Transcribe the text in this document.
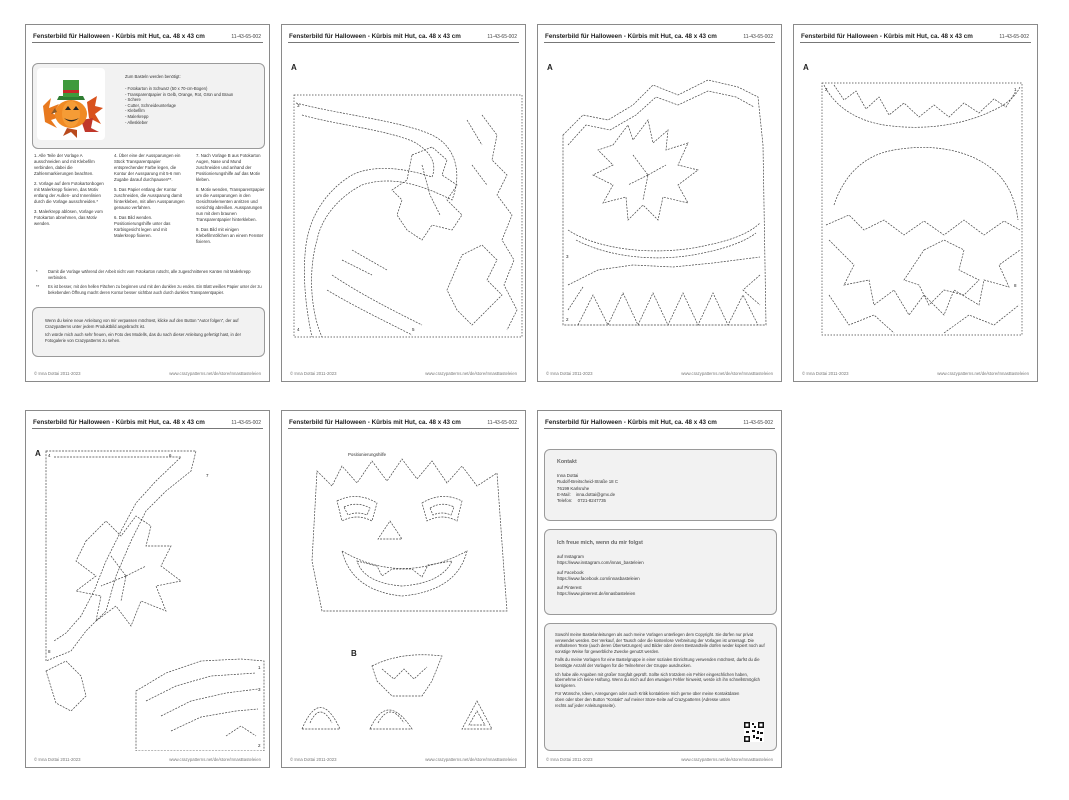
Fensterbild für Halloween - Kürbis mit Hut, ca. 48 x 43 cm	11-43-65-002
Zum Basteln werden benötigt:
- Fotokarton in Schwarz (50 x 70-cm-Bogen)
- Transparentpapier in Gelb, Orange, Rot, Grün und Braun
- Schere
- Cutter, Schneideunterlage
- Klebefilm
- Malerkrepp
- Alleskleber

1. Alle Teile der Vorlage A ausschneiden und mit Klebefilm verbinden, dabei die Zahlenmarkierungen beachten.

2. Vorlage auf dem Fotokartonbogen mit Malerkrepp fixieren, das Motiv entlang der Außen- und Innenlinien durch die Vorlage ausschneiden.*

3. Malerkrepp ablösen, Vorlage vom Fotokarton abnehmen, das Motiv wenden.

4. Über eine der Aussparungen ein Stück Transparentpapier entsprechender Farbe legen, die Kontur der Aussparung mit 5-6 mm Zugabe darauf durchpausen**.

5. Das Papier entlang der Kontur zuschneiden, die Aussparung damit hinterkleben, mit allen Aussparungen genauso verfahren.

6. Das Bild wenden. Positionierungshilfe unter das Kürbisgesicht legen und mit Malerkrepp fixieren.

7. Nach Vorlage B aus Fotokarton Augen, Nase und Mund zuschneiden und anhand der Positionierungshilfe auf das Motiv kleben.

8. Motiv wenden, Transparentpapier um die Aussparungen in den Gesichtselementen anritzen und vorsichtig abreißen. Aussparungen nun mit dem braunen Transparentpapier hinterkleben.

9. Das Bild mit einigen Klebefilmröllchen an einem Fenster fixieren.

*	Damit die Vorlage während der Arbeit nicht vom Fotokarton rutscht, alle zugeschnittenen Kanten mit Malerkrepp verbinden.
** Es ist besser, mit den hellen Flächen zu beginnen und mit den dunklen zu enden. Ein Blatt weißes Papier unter der zu bekebenden Öffnung macht deren Kontur besser sichtbar auch durch dunkles Transparentpapier.
Wenn du keine neue Anleitung von mir verpassen möchtest, klicke auf den Button "Autor folgen", der auf Crazypatterns unter jedem Produktbild angebracht ist.
Ich würde mich auch sehr freuen, ein Foto des Modells, das du nach dieser Anleitung gefertigt hast, in der Fotogalerie von Crazypatterns zu sehen.
© Inna Dottai 2011-2023	www.crazypatterns.net/de/store/InnasBasteleien
Fensterbild für Halloween - Kürbis mit Hut, ca. 48 x 43 cm	11-43-65-002
A
3
4	5
© Inna Dottai 2011-2023	www.crazypatterns.net/de/store/InnasBasteleien
Fensterbild für Halloween - Kürbis mit Hut, ca. 48 x 43 cm	11-43-65-002
A
3
2
© Inna Dottai 2011-2023	www.crazypatterns.net/de/store/InnasBasteleien
Fensterbild für Halloween - Kürbis mit Hut, ca. 48 x 43 cm	11-43-65-002
A
2	1
8
© Inna Dottai 2011-2023	www.crazypatterns.net/de/store/InnasBasteleien
Fensterbild für Halloween - Kürbis mit Hut, ca. 48 x 43 cm	11-43-65-002
A 4	6
7
8
1
3
2
© Inna Dottai 2011-2023	www.crazypatterns.net/de/store/InnasBasteleien
Fensterbild für Halloween - Kürbis mit Hut, ca. 48 x 43 cm	11-43-65-002
Positionierungshilfe
B
© Inna Dottai 2011-2023	www.crazypatterns.net/de/store/InnasBasteleien
Fensterbild für Halloween - Kürbis mit Hut, ca. 48 x 43 cm	11-43-65-002
Kontakt
Inna Dottai
Rudolf-Breitscheid-Straße 18 C
76199 Karlsruhe
E-Mail: inna.dottai@gmx.de
Telefon: 0721-8247735
Ich freue mich, wenn du mir folgst
auf Instagram
https://www.instagram.com/innas_basteleien
auf Facebook
https://www.facebook.com/innasbasteleien
auf Pinterest
https://www.pinterest.de/innasbasteleien
Sowohl meine Bastelanleitungen als auch meine Vorlagen unterliegen dem Copyright. Sie dürfen nur privat verwendet werden. Der Verkauf, der Tausch oder die kostenlose Verbreitung der Vorlagen ist untersagt. Die enthaltenen Texte (auch deren Übersetzungen) und Bilder oder deren Bestandteile dürfen weder kopiert noch auf sonstige Weise für gewerbliche Zwecke genutzt werden.
Falls du meine Vorlagen für eine Bastelgruppe in einer sozialen Einrichtung verwenden möchtest, darfst du die benötigte Anzahl der Vorlagen für die Teilnehmer der Gruppe ausdrucken.
Ich habe alle Angaben mit großer Sorgfalt geprüft. Sollte sich trotzdem ein Fehler eingeschlichen haben, übernehme ich keine Haftung. Wenn du mich auf den etwaigen Fehler hinweist, werde ich ihn schnellstmöglich korrigieren.
Für Wünsche, Ideen, Anregungen oder auch Kritik kontaktiere mich gerne über meine Kontaktdaten oben oder über den Button "Kontakt" auf meiner Store-Seite auf Crazypatterns (Adresse unten rechts auf jeder Anleitungsseite).
© Inna Dottai 2011-2023	www.crazypatterns.net/de/store/InnasBasteleien
